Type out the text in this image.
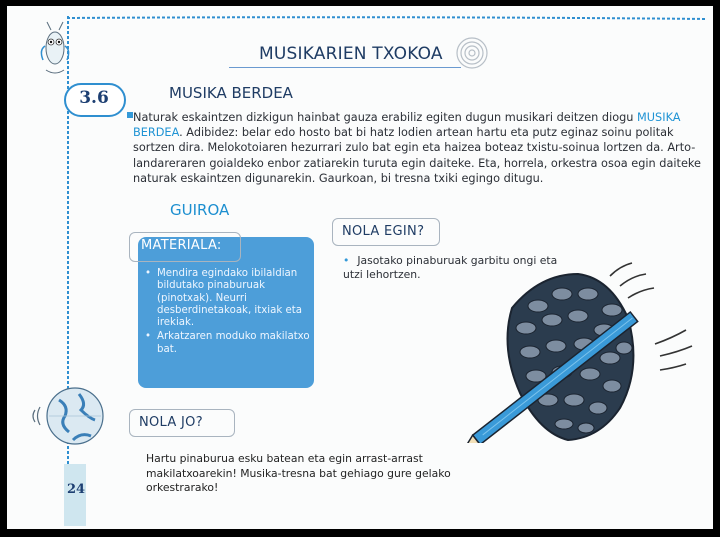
3.6
MUSIKARIEN TXOKOA
MUSIKA BERDEA
Naturak eskaintzen dizkigun hainbat gauza erabiliz egiten dugun musikari deitzen diogu MUSIKA BERDEA. Adibidez: belar edo hosto bat bi hatz lodien artean hartu eta putz eginaz soinu politak sortzen dira. Melokotoiaren hezurrari zulo bat egin eta haizea boteaz txistu-soinua lortzen da. Arto-landareraren goialdeko enbor zatiarekin turuta egin daiteke. Eta, horrela, orkestra osoa egin daiteke naturak eskaintzen digunarekin. Gaurkoan, bi tresna txiki egingo ditugu.
GUIROA
MATERIALA:
• Mendira egindako ibilaldian bildutako pinaburuak (pinotxak). Neurri desberdinetakoak, itxiak eta irekiak.
• Arkatzaren moduko makilatxo bat.
NOLA EGIN?
• Jasotako pinaburuak garbitu ongi eta utzi lehortzen.
NOLA JO?
Hartu pinaburua esku batean eta egin arrast-arrast makilatxoarekin! Musika-tresna bat gehiago gure gelako orkestrarako!
24
